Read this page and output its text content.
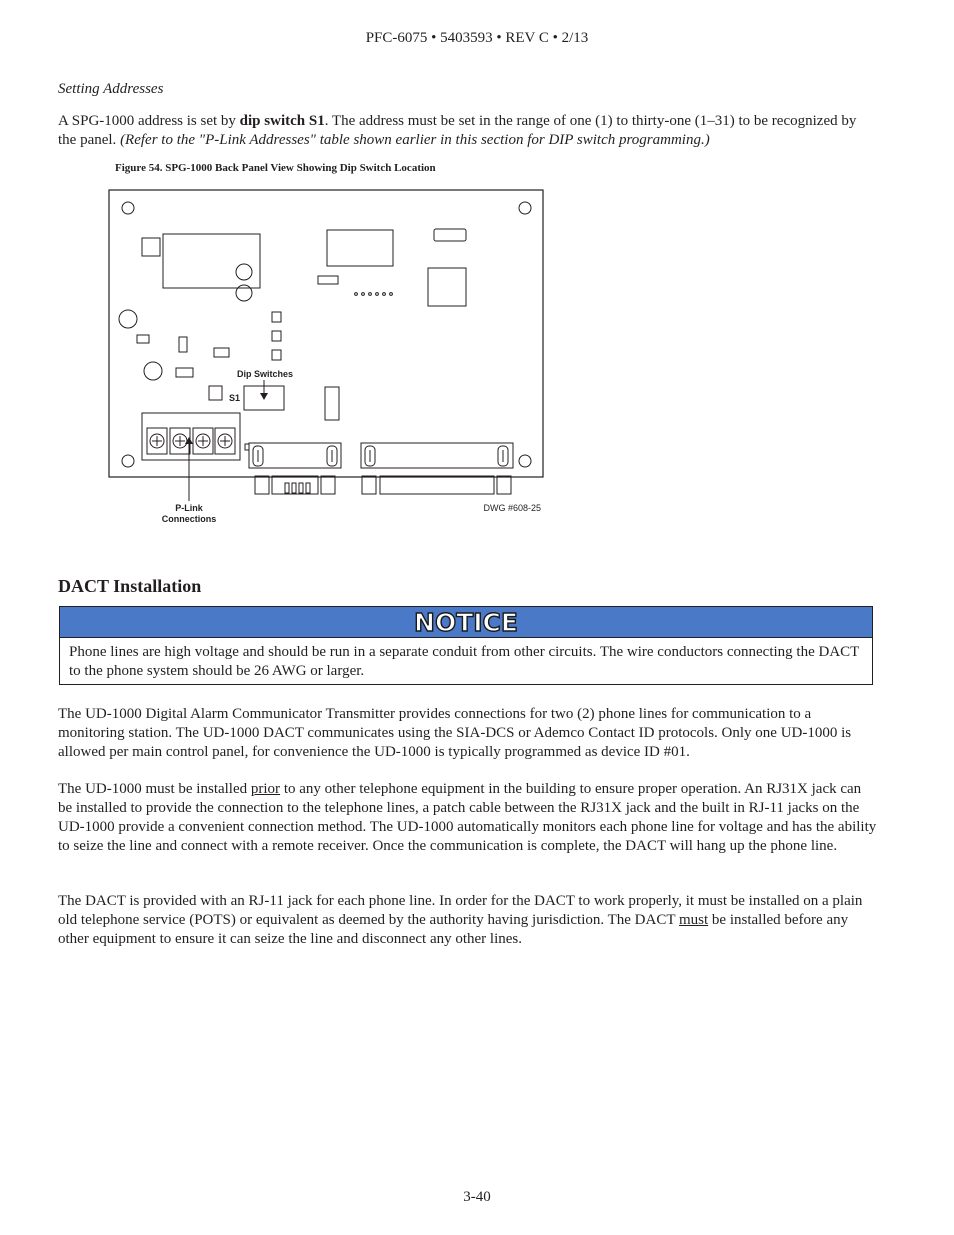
PFC-6075 • 5403593 • REV C • 2/13
Setting Addresses
A SPG-1000 address is set by dip switch S1. The address must be set in the range of one (1) to thirty-one (1–31) to be recognized by the panel. (Refer to the "P-Link Addresses" table shown earlier in this section for DIP switch programming.)
Figure 54. SPG-1000 Back Panel View Showing Dip Switch Location
Dip Switches
S1
P-Link
Connections
DWG #608-25
DACT Installation
NOTICE
Phone lines are high voltage and should be run in a separate conduit from other circuits. The wire conductors connecting the DACT to the phone system should be 26 AWG or larger.
The UD-1000 Digital Alarm Communicator Transmitter provides connections for two (2) phone lines for communication to a monitoring station. The UD-1000 DACT communicates using the SIA-DCS or Ademco Contact ID protocols. Only one UD-1000 is allowed per main control panel, for convenience the UD-1000 is typically programmed as device ID #01.
The UD-1000 must be installed prior to any other telephone equipment in the building to ensure proper operation. An RJ31X jack can be installed to provide the connection to the telephone lines, a patch cable between the RJ31X jack and the built in RJ-11 jacks on the UD-1000 provide a convenient connection method. The UD-1000 automatically monitors each phone line for voltage and has the ability to seize the line and connect with a remote receiver. Once the communication is complete, the DACT will hang up the phone line.
The DACT is provided with an RJ-11 jack for each phone line. In order for the DACT to work properly, it must be installed on a plain old telephone service (POTS) or equivalent as deemed by the authority having jurisdiction. The DACT must be installed before any other equipment to ensure it can seize the line and disconnect any other lines.
3-40
